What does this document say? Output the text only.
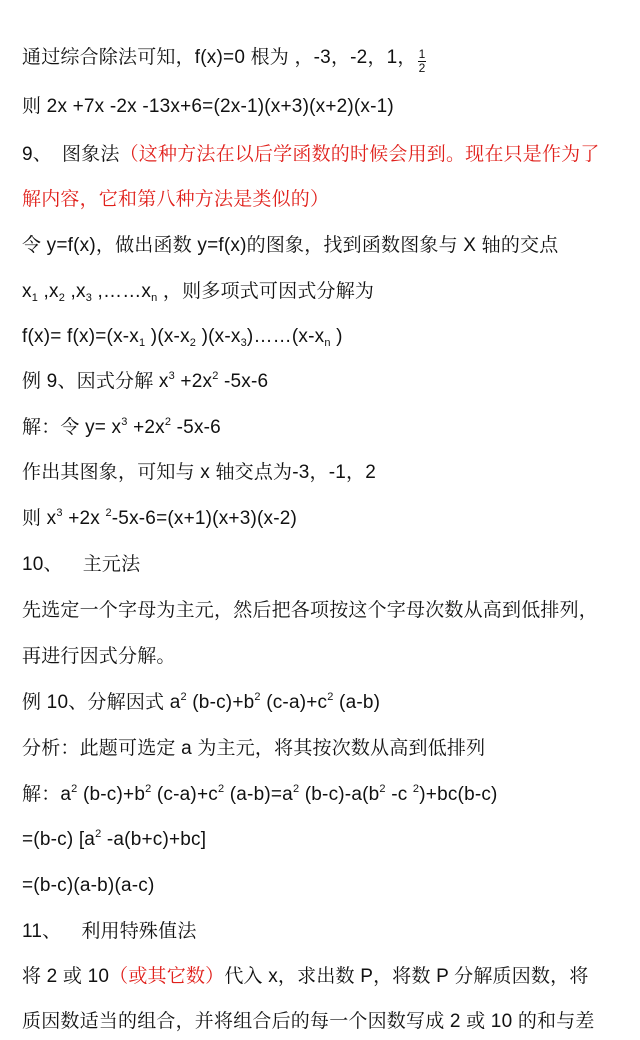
通过综合除法可知，f(x)=0 根为 ，-3，-2，1， $\frac{1}{2}$
则 2x +7x -2x -13x+6=(2x-1)(x+3)(x+2)(x-1)
9、 图象法（这种方法在以后学函数的时候会用到。现在只是作为了
解内容，它和第八种方法是类似的）
令 y=f(x)，做出函数 y=f(x)的图象，找到函数图象与 X 轴的交点
$x_1$ $,x_2$ $,x_3$ $,\dots\dots x_n$ ，则多项式可因式分解为
$f(x)= f(x)=(x-x_1$ )($x-x_2$ )$(x-x_3)\dots\dots(x-x_n$ )
例 9、因式分解 $x^3 +2x^2$ -5x-6
解：令 $y= x^3 +2x^2$ -5x-6
作出其图象，可知与 x 轴交点为-3，-1，2
则 $x^3 +2x$ $^2$-5x-6=(x+1)(x+3)(x-2)
10、 主元法
先选定一个字母为主元，然后把各项按这个字母次数从高到低排列，
再进行因式分解。
例 10、分解因式 $a^2$ $(b-c)+b^2$ $(c-a)+c^2$ (a-b)
分析：此题可选定 a 为主元，将其按次数从高到低排列
解：$a^2$ $(b-c)+b^2$ $(c-a)+c^2$ $(a-b)=a^2$ $(b-c)-a(b^2$ -c $^2$)+bc(b-c)
=(b-c) [$a^2$ -a(b+c)+bc]
=(b-c)(a-b)(a-c)
11、 利用特殊值法
将 2 或 10（或其它数）代入 x，求出数 P，将数 P 分解质因数，将
质因数适当的组合，并将组合后的每一个因数写成 2 或 10 的和与差
